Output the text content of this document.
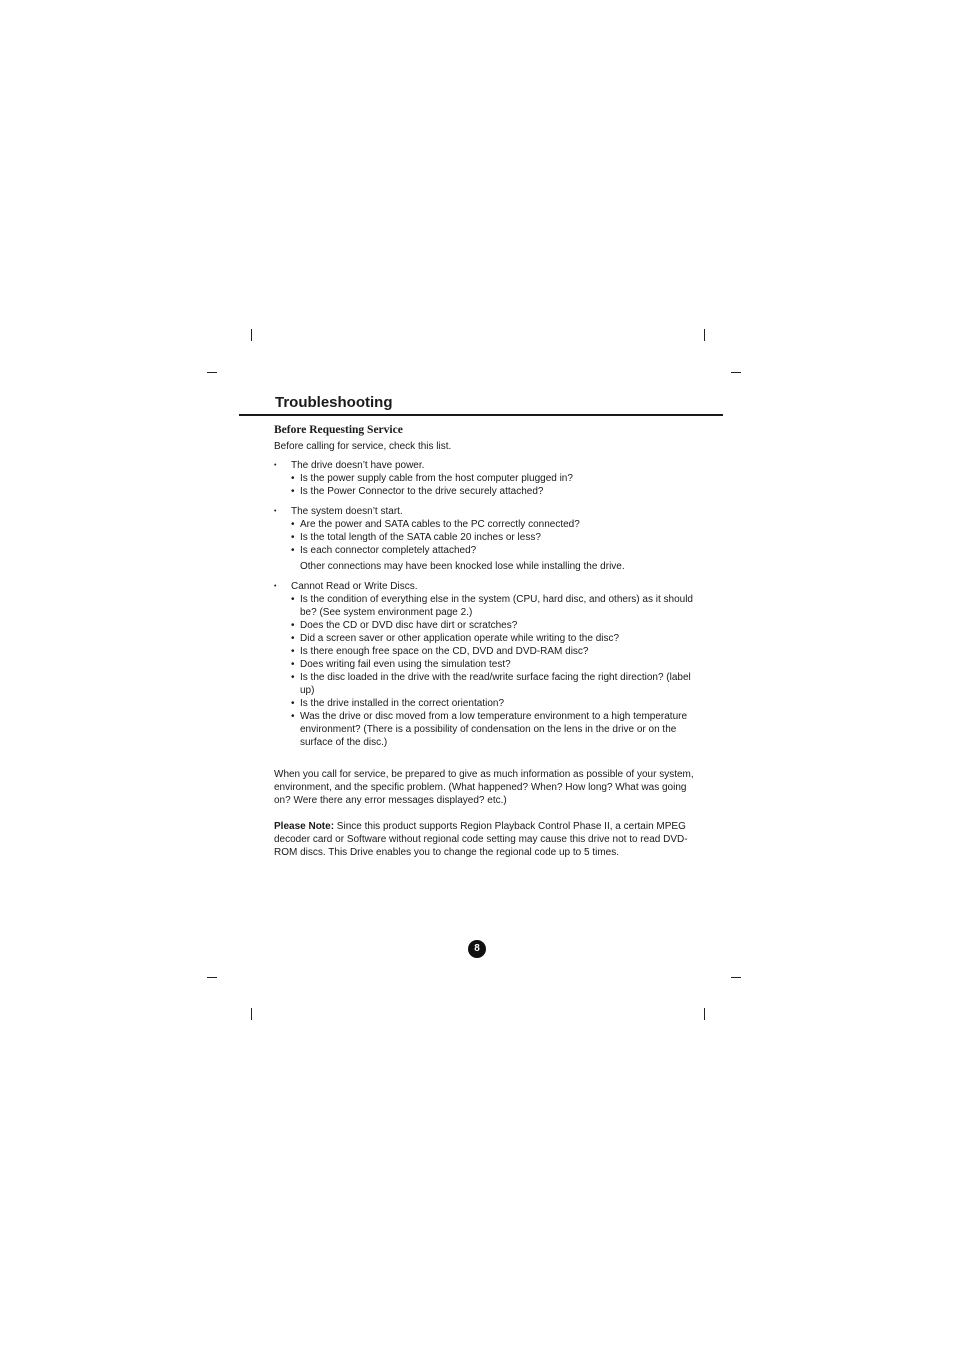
Troubleshooting
Before Requesting Service

Before calling for service, check this list.

• The drive doesn’t have power.
• Is the power supply cable from the host computer plugged in?
• Is the Power Connector to the drive securely attached?
• The system doesn’t start.
• Are the power and SATA cables to the PC correctly connected?
• Is the total length of the SATA cable 20 inches or less?
• Is each connector completely attached?
Other connections may have been knocked lose while installing the drive.
• Cannot Read or Write Discs.
• Is the condition of everything else in the system (CPU, hard disc, and others) as it should be? (See system environment page 2.)
• Does the CD or DVD disc have dirt or scratches?
• Did a screen saver or other application operate while writing to the disc?
• Is there enough free space on the CD, DVD and DVD-RAM disc?
• Does writing fail even using the simulation test?
• Is the disc loaded in the drive with the read/write surface facing the right direction? (label up)
• Is the drive installed in the correct orientation?
• Was the drive or disc moved from a low temperature environment to a high temperature environment? (There is a possibility of condensation on the lens in the drive or on the surface of the disc.)

When you call for service, be prepared to give as much information as possible of your system, environment, and the specific problem. (What happened? When? How long? What was going on? Were there any error messages displayed? etc.)

Please Note: Since this product supports Region Playback Control Phase II, a certain MPEG decoder card or Software without regional code setting may cause this drive not to read DVD-ROM discs. This Drive enables you to change the regional code up to 5 times.

8
